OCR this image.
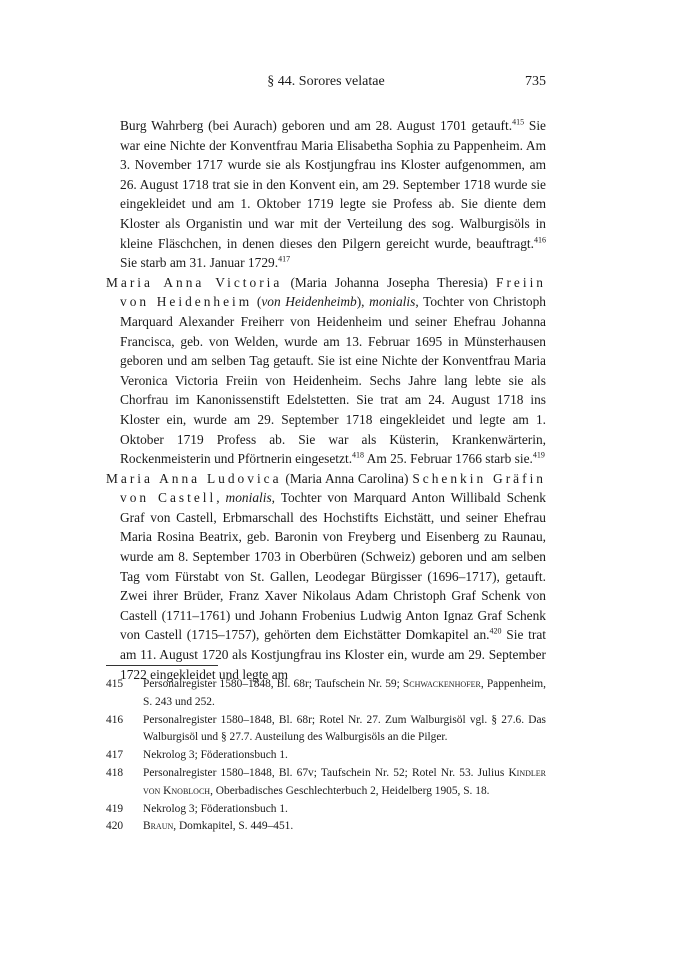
§ 44. Sorores velatae	735

Burg Wahrberg (bei Aurach) geboren und am 28. August 1701 getauft.$^{415}$ Sie war eine Nichte der Konventfrau Maria Elisabetha Sophia zu Pappenheim. Am 3. November 1717 wurde sie als Kostjungfrau ins Kloster aufgenommen, am 26. August 1718 trat sie in den Konvent ein, am 29. September 1718 wurde sie eingekleidet und am 1. Oktober 1719 legte sie Profess ab. Sie diente dem Kloster als Organistin und war mit der Verteilung des sog. Walburgisöls in kleine Fläschchen, in denen dieses den Pilgern gereicht wurde, beauftragt.$^{416}$ Sie starb am 31. Januar 1729.$^{417}$

Maria Anna Victoria (Maria Johanna Josepha Theresia) Freiin von Heidenheim (von Heidenheimb), monialis, Tochter von Christoph Marquard Alexander Freiherr von Heidenheim und seiner Ehefrau Johanna Francisca, geb. von Welden, wurde am 13. Februar 1695 in Münsterhausen geboren und am selben Tag getauft. Sie ist eine Nichte der Konventfrau Maria Veronica Victoria Freiin von Heidenheim. Sechs Jahre lang lebte sie als Chorfrau im Kanonissenstift Edelstetten. Sie trat am 24. August 1718 ins Kloster ein, wurde am 29. September 1718 eingekleidet und legte am 1. Oktober 1719 Profess ab. Sie war als Küsterin, Krankenwärterin, Rockenmeisterin und Pförtnerin eingesetzt.$^{418}$ Am 25. Februar 1766 starb sie.$^{419}$

Maria Anna Ludovica (Maria Anna Carolina) Schenkin Gräfin von Castell, monialis, Tochter von Marquard Anton Willibald Schenk Graf von Castell, Erbmarschall des Hochstifts Eichstätt, und seiner Ehefrau Maria Rosina Beatrix, geb. Baronin von Freyberg und Eisenberg zu Raunau, wurde am 8. September 1703 in Oberbüren (Schweiz) geboren und am selben Tag vom Fürstabt von St. Gallen, Leodegar Bürgisser (1696–1717), getauft. Zwei ihrer Brüder, Franz Xaver Nikolaus Adam Christoph Graf Schenk von Castell (1711–1761) und Johann Frobenius Ludwig Anton Ignaz Graf Schenk von Castell (1715–1757), gehörten dem Eichstätter Domkapitel an.$^{420}$ Sie trat am 11. August 1720 als Kostjungfrau ins Kloster ein, wurde am 29. September 1722 eingekleidet und legte am

415 Personalregister 1580–1848, Bl. 68r; Taufschein Nr. 59; Schwackenhofer, Pappenheim, S. 243 und 252.
416 Personalregister 1580–1848, Bl. 68r; Rotel Nr. 27. Zum Walburgisöl vgl. § 27.6. Das Walburgisöl und § 27.7. Austeilung des Walburgisöls an die Pilger.
417 Nekrolog 3; Föderationsbuch 1.
418 Personalregister 1580–1848, Bl. 67v; Taufschein Nr. 52; Rotel Nr. 53. Julius Kindler von Knobloch, Oberbadisches Geschlechterbuch 2, Heidelberg 1905, S. 18.
419 Nekrolog 3; Föderationsbuch 1.
420 Braun, Domkapitel, S. 449–451.
